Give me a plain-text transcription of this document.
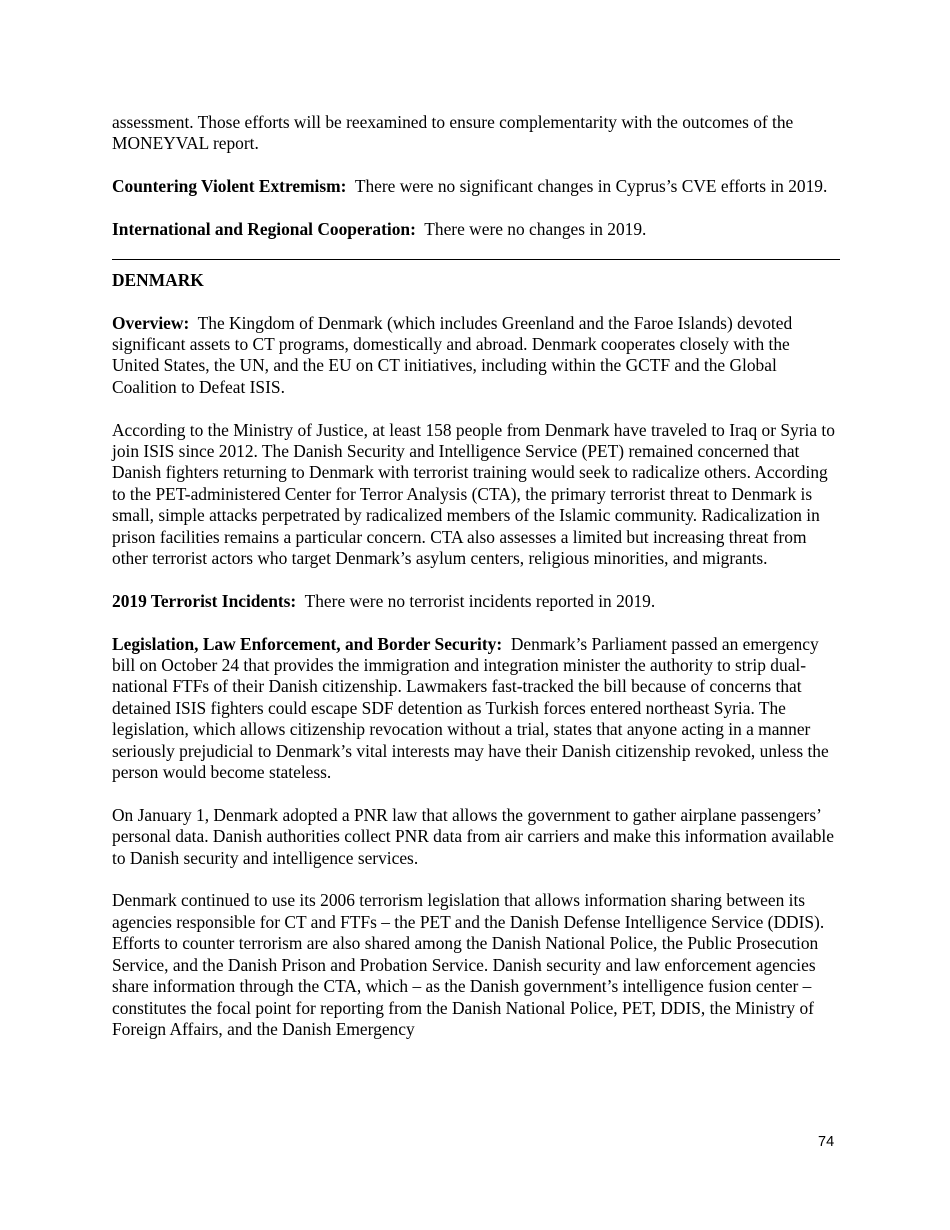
assessment. Those efforts will be reexamined to ensure complementarity with the outcomes of the MONEYVAL report.

Countering Violent Extremism: There were no significant changes in Cyprus’s CVE efforts in 2019.

International and Regional Cooperation: There were no changes in 2019.

DENMARK

Overview: The Kingdom of Denmark (which includes Greenland and the Faroe Islands) devoted significant assets to CT programs, domestically and abroad. Denmark cooperates closely with the United States, the UN, and the EU on CT initiatives, including within the GCTF and the Global Coalition to Defeat ISIS.

According to the Ministry of Justice, at least 158 people from Denmark have traveled to Iraq or Syria to join ISIS since 2012. The Danish Security and Intelligence Service (PET) remained concerned that Danish fighters returning to Denmark with terrorist training would seek to radicalize others. According to the PET-administered Center for Terror Analysis (CTA), the primary terrorist threat to Denmark is small, simple attacks perpetrated by radicalized members of the Islamic community. Radicalization in prison facilities remains a particular concern. CTA also assesses a limited but increasing threat from other terrorist actors who target Denmark’s asylum centers, religious minorities, and migrants.

2019 Terrorist Incidents: There were no terrorist incidents reported in 2019.

Legislation, Law Enforcement, and Border Security: Denmark’s Parliament passed an emergency bill on October 24 that provides the immigration and integration minister the authority to strip dual-national FTFs of their Danish citizenship. Lawmakers fast-tracked the bill because of concerns that detained ISIS fighters could escape SDF detention as Turkish forces entered northeast Syria. The legislation, which allows citizenship revocation without a trial, states that anyone acting in a manner seriously prejudicial to Denmark’s vital interests may have their Danish citizenship revoked, unless the person would become stateless.

On January 1, Denmark adopted a PNR law that allows the government to gather airplane passengers’ personal data. Danish authorities collect PNR data from air carriers and make this information available to Danish security and intelligence services.

Denmark continued to use its 2006 terrorism legislation that allows information sharing between its agencies responsible for CT and FTFs – the PET and the Danish Defense Intelligence Service (DDIS). Efforts to counter terrorism are also shared among the Danish National Police, the Public Prosecution Service, and the Danish Prison and Probation Service. Danish security and law enforcement agencies share information through the CTA, which – as the Danish government’s intelligence fusion center – constitutes the focal point for reporting from the Danish National Police, PET, DDIS, the Ministry of Foreign Affairs, and the Danish Emergency

74
